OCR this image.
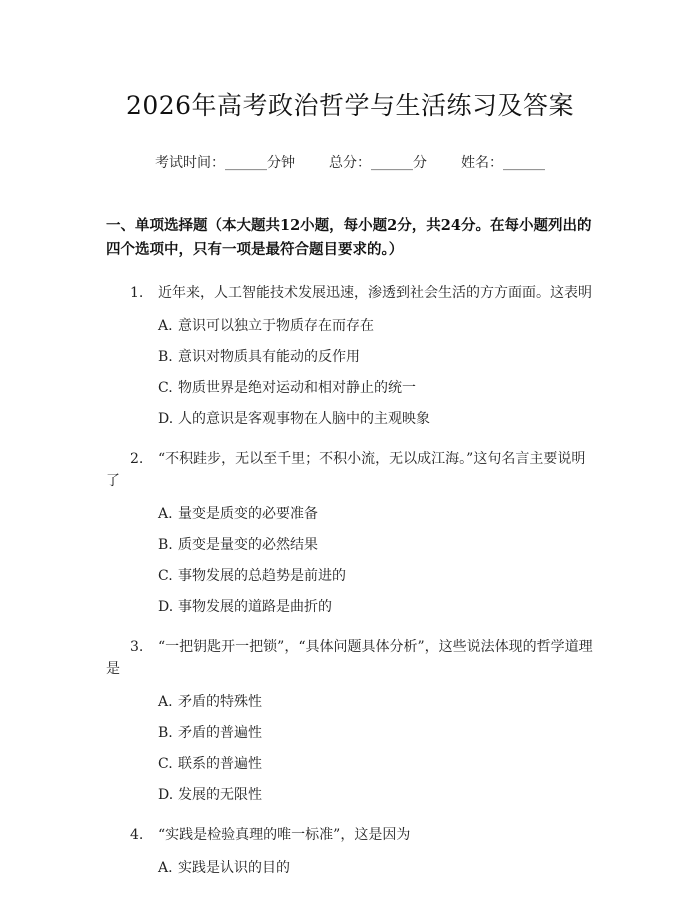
2026年高考政治哲学与生活练习及答案
考试时间：______分钟 总分：______分 姓名：______
一、单项选择题（本大题共12小题，每小题2分，共24分。在每小题列出的四个选项中，只有一项是最符合题目要求的。）
1. 近年来，人工智能技术发展迅速，渗透到社会生活的方方面面。这表明
A. 意识可以独立于物质存在而存在
B. 意识对物质具有能动的反作用
C. 物质世界是绝对运动和相对静止的统一
D. 人的意识是客观事物在人脑中的主观映象
2. “不积跬步，无以至千里；不积小流，无以成江海。”这句名言主要说明了
A. 量变是质变的必要准备
B. 质变是量变的必然结果
C. 事物发展的总趋势是前进的
D. 事物发展的道路是曲折的
3. “一把钥匙开一把锁”，“具体问题具体分析”，这些说法体现的哲学道理是
A. 矛盾的特殊性
B. 矛盾的普遍性
C. 联系的普遍性
D. 发展的无限性
4. “实践是检验真理的唯一标准”，这是因为
A. 实践是认识的目的
